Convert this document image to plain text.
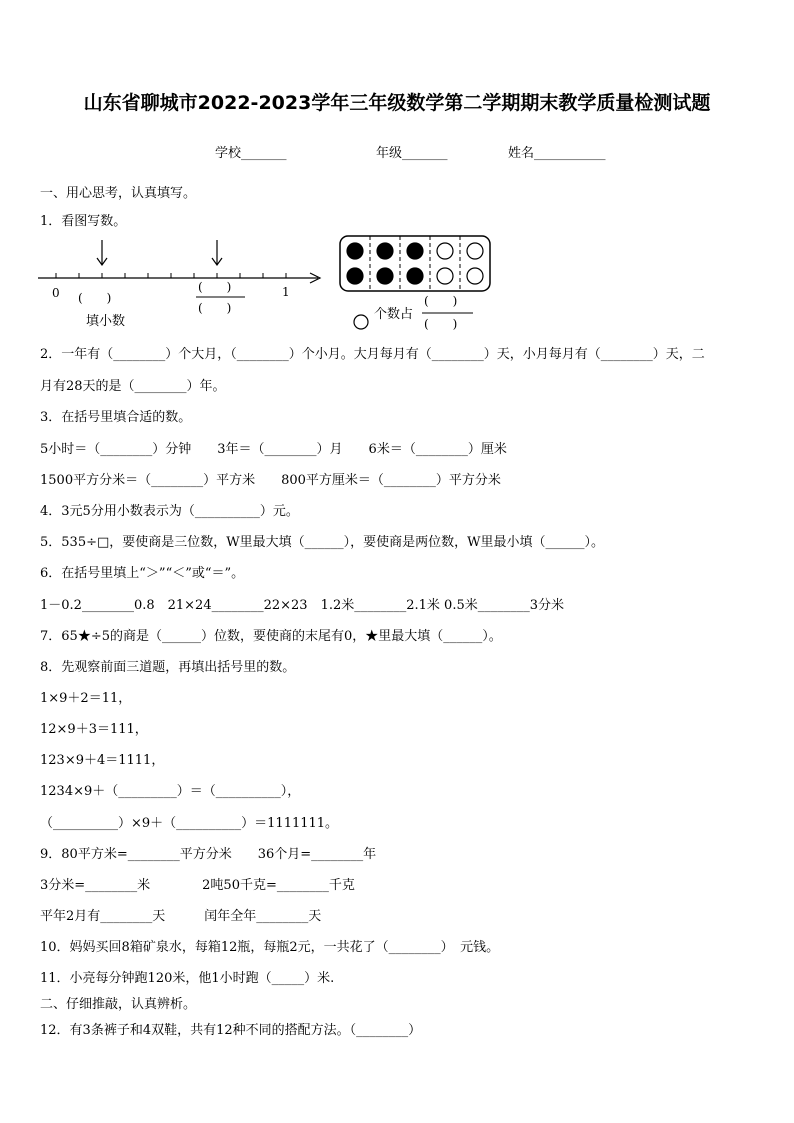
山东省聊城市2022-2023学年三年级数学第二学期期末教学质量检测试题
学校_______	年级_______	姓名___________
一、用心思考，认真填写。
1．看图写数。
0	1
(　　)
填小数
(　　)
(　　)	个数占
(　　)
(　　)
2．一年有（________）个大月，（________）个小月。大月每月有（________）天，小月每月有（________）天，二
月有28天的是（________）年。
3．在括号里填合适的数。
5小时＝（________）分钟　　3年＝（________）月　　6米＝（________）厘米
1500平方分米＝（________）平方米　　800平方厘米＝（________）平方分米
4．3元5分用小数表示为（__________）元。
5．535÷□，要使商是三位数，W里最大填（______），要使商是两位数，W里最小填（______）。
6．在括号里填上“＞”“＜”或“＝”。
1－0.2________0.8　21×24________22×23　1.2米________2.1米 0.5米________3分米
7．65★÷5的商是（______）位数，要使商的末尾有0，★里最大填（______）。
8．先观察前面三道题，再填出括号里的数。
1×9＋2＝11，
12×9＋3＝111，
123×9＋4＝1111，
1234×9＋（_________）＝（__________），
（__________）×9＋（__________）＝1111111。
9．80平方米=________平方分米　　36个月=________年
3分米=________米　　　　2吨50千克=________千克
平年2月有________天　　　闰年全年________天
10．妈妈买回8箱矿泉水，每箱12瓶，每瓶2元，一共花了（________）　元钱。
11．小亮每分钟跑120米，他1小时跑（_____）米.
二、仔细推敲，认真辨析。
12．有3条裤子和4双鞋，共有12种不同的搭配方法。（________）
